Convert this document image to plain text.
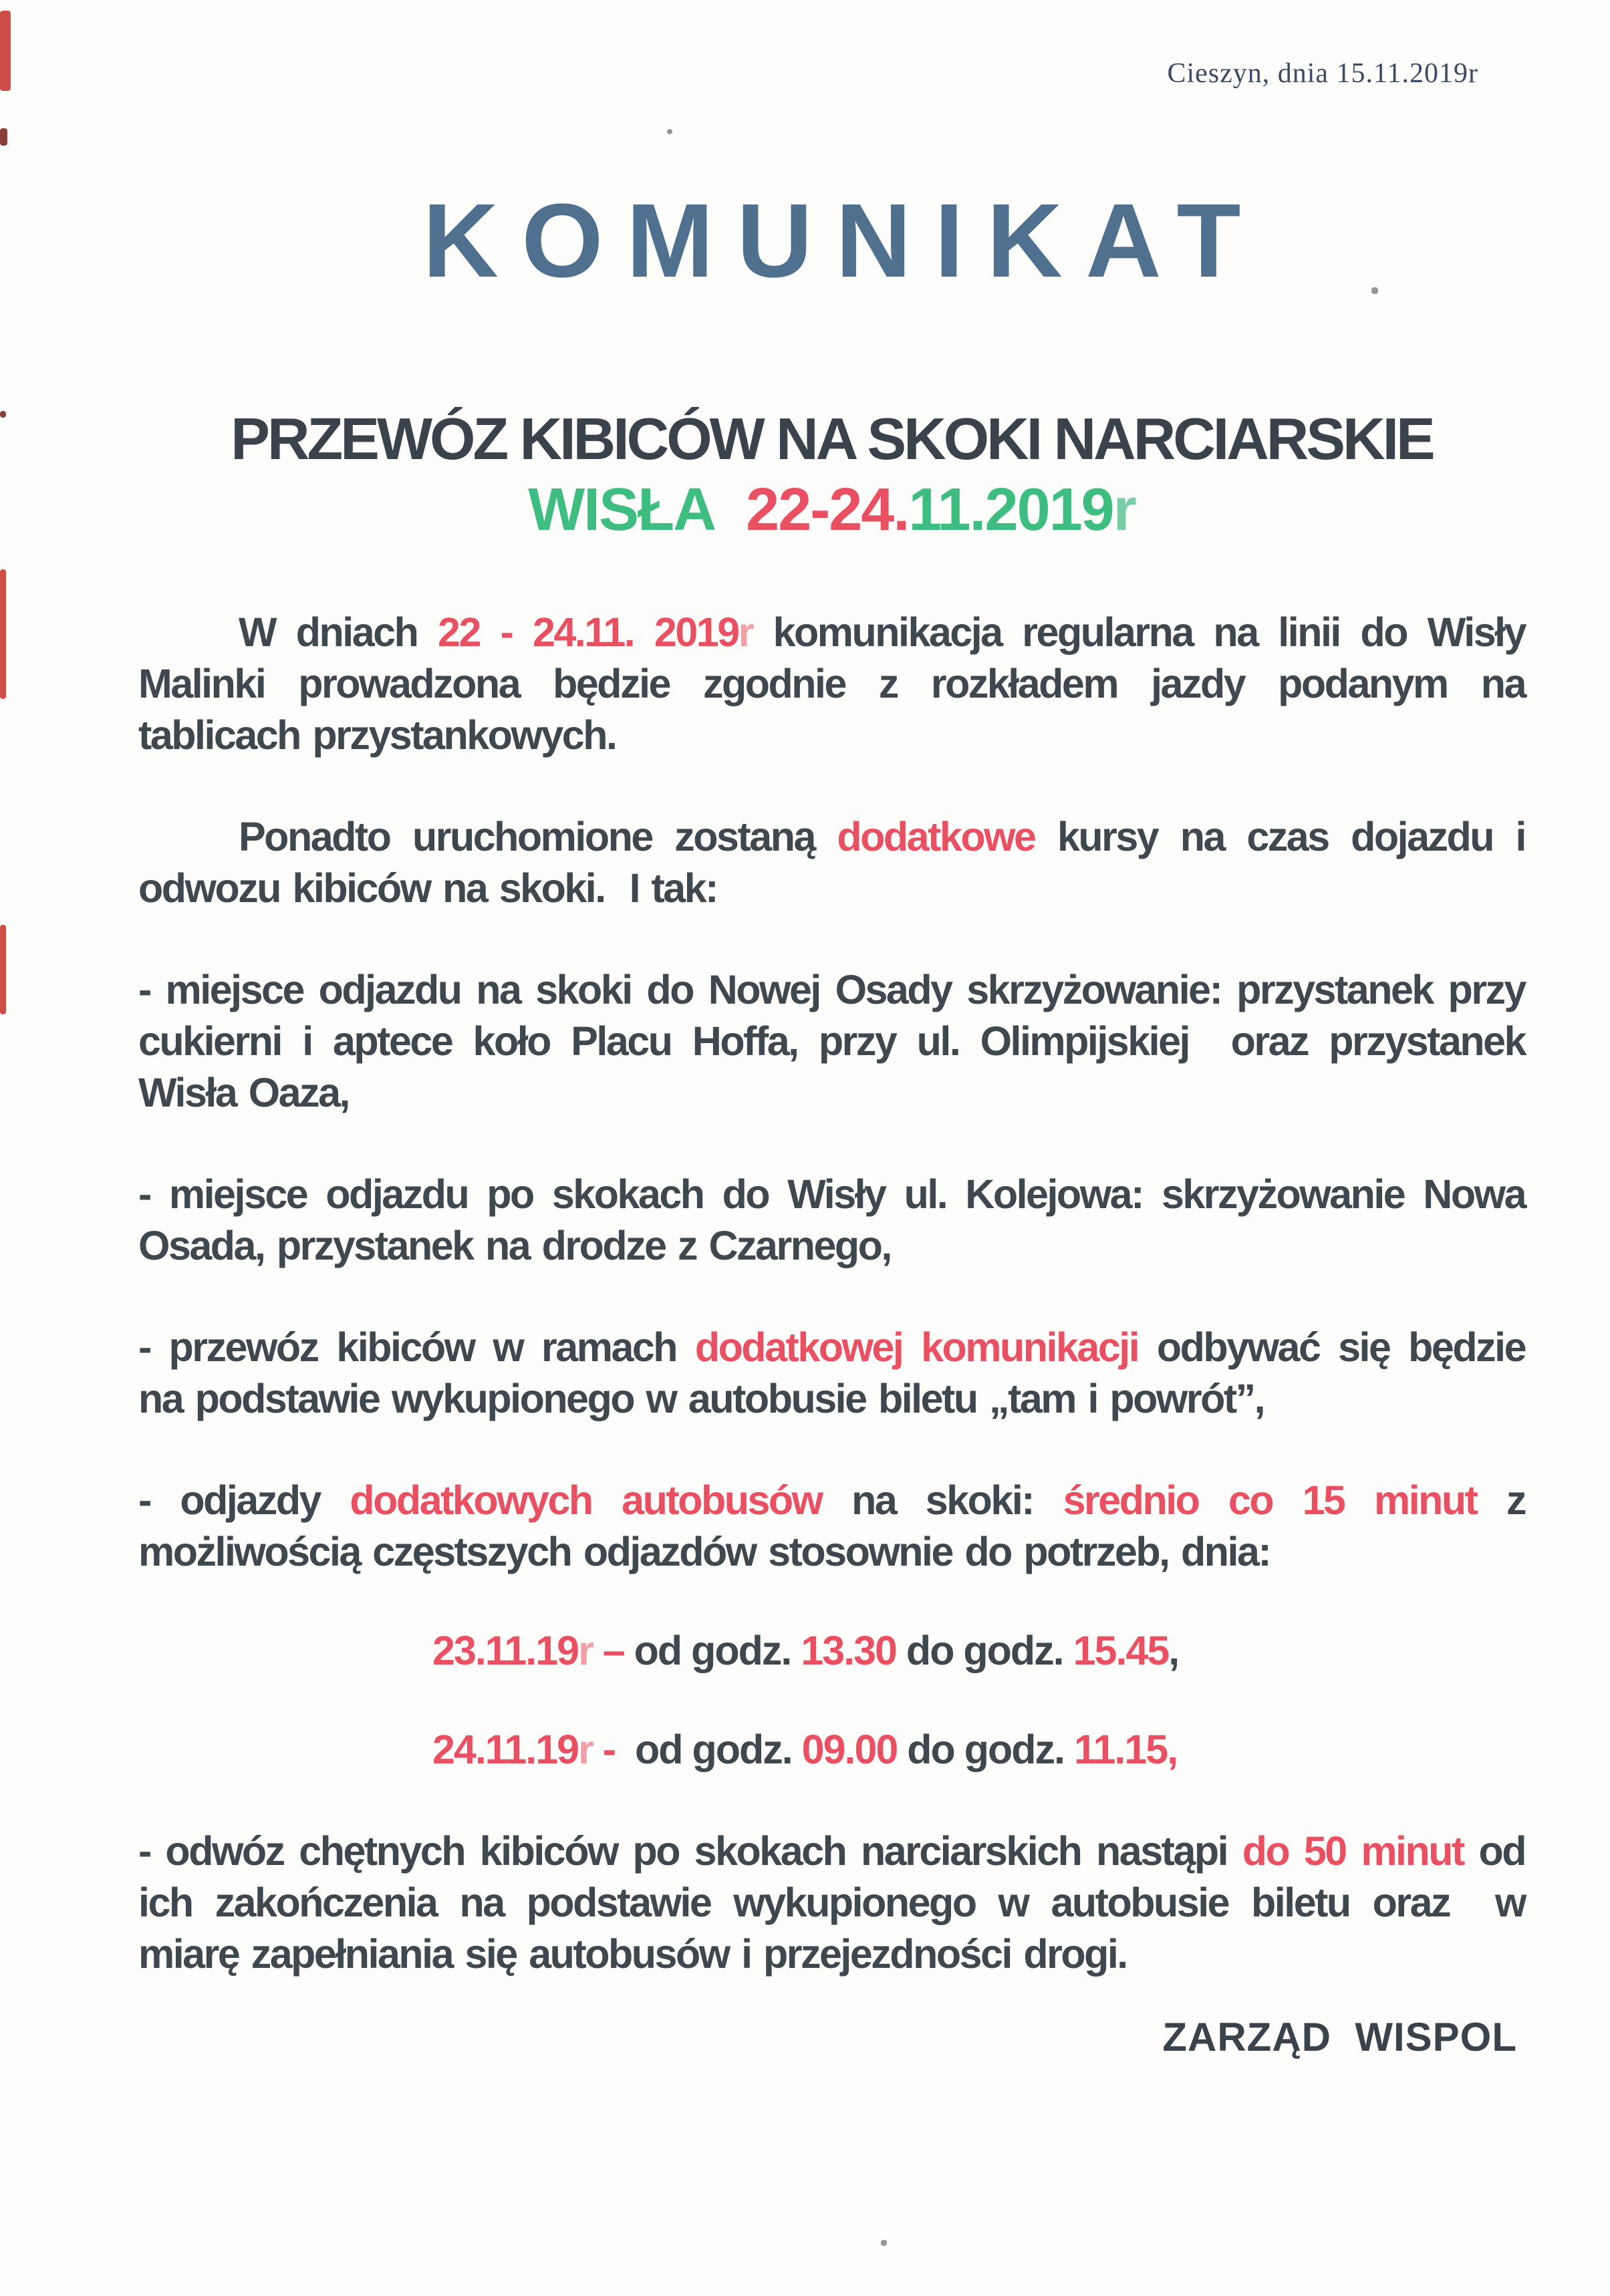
Cieszyn, dnia 15.11.2019r
KOMUNIKAT
PRZEWÓZ KIBICÓW NA SKOKI NARCIARSKIE
WISŁA  22-24.11.2019r

W dniach 22 - 24.11. 2019r komunikacja regularna na linii do Wisły Malinki prowadzona będzie zgodnie z rozkładem jazdy podanym na tablicach przystankowych.

Ponadto uruchomione zostaną dodatkowe kursy na czas dojazdu i odwozu kibiców na skoki.  I tak:

- miejsce odjazdu na skoki do Nowej Osady skrzyżowanie: przystanek przy cukierni i aptece koło Placu Hoffa, przy ul. Olimpijskiej  oraz przystanek Wisła Oaza,

- miejsce odjazdu po skokach do Wisły ul. Kolejowa: skrzyżowanie Nowa Osada, przystanek na drodze z Czarnego,

- przewóz kibiców w ramach dodatkowej komunikacji odbywać się będzie na podstawie wykupionego w autobusie biletu „tam i powrót”,

- odjazdy dodatkowych autobusów na skoki: średnio co 15 minut z możliwością częstszych odjazdów stosownie do potrzeb, dnia:

23.11.19r – od godz. 13.30 do godz. 15.45,

24.11.19r -  od godz. 09.00 do godz. 11.15,

- odwóz chętnych kibiców po skokach narciarskich nastąpi do 50 minut od ich zakończenia na podstawie wykupionego w autobusie biletu oraz  w miarę zapełniania się autobusów i przejezdności drogi.

ZARZĄD  WISPOL
